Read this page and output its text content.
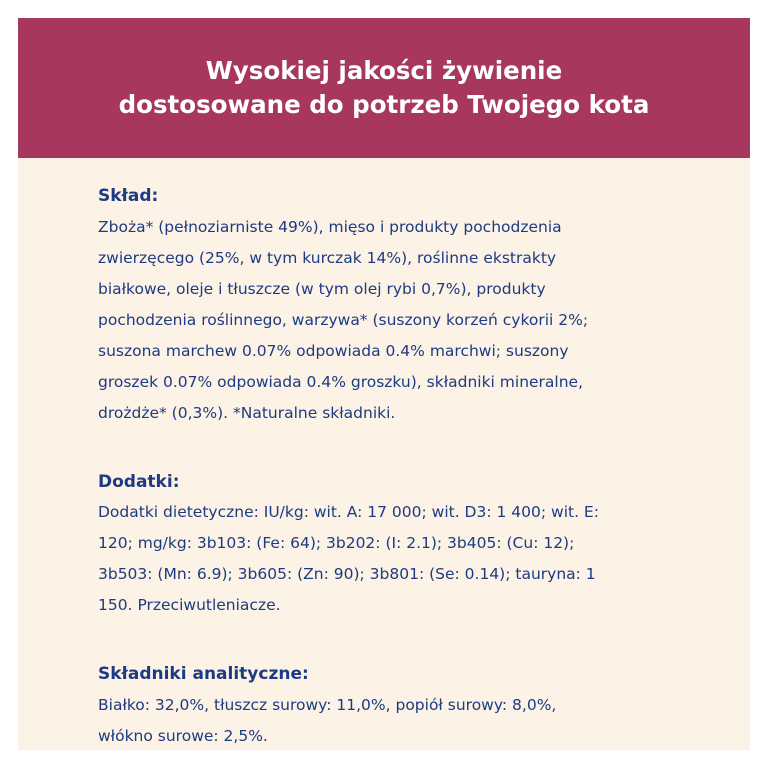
Wysokiej jakości żywienie
dostosowane do potrzeb Twojego kota
Skład:
Zboża* (pełnoziarniste 49%), mięso i produkty pochodzenia
zwierzęcego (25%, w tym kurczak 14%), roślinne ekstrakty
białkowe, oleje i tłuszcze (w tym olej rybi 0,7%), produkty
pochodzenia roślinnego, warzywa* (suszony korzeń cykorii 2%;
suszona marchew 0.07% odpowiada 0.4% marchwi; suszony
groszek 0.07% odpowiada 0.4% groszku), składniki mineralne,
drożdże* (0,3%). *Naturalne składniki.
Dodatki:
Dodatki dietetyczne: IU/kg: wit. A: 17 000; wit. D3: 1 400; wit. E:
120; mg/kg: 3b103: (Fe: 64); 3b202: (I: 2.1); 3b405: (Cu: 12);
3b503: (Mn: 6.9); 3b605: (Zn: 90); 3b801: (Se: 0.14); tauryna: 1
150. Przeciwutleniacze.
Składniki analityczne:
Białko: 32,0%, tłuszcz surowy: 11,0%, popiół surowy: 8,0%,
włókno surowe: 2,5%.
